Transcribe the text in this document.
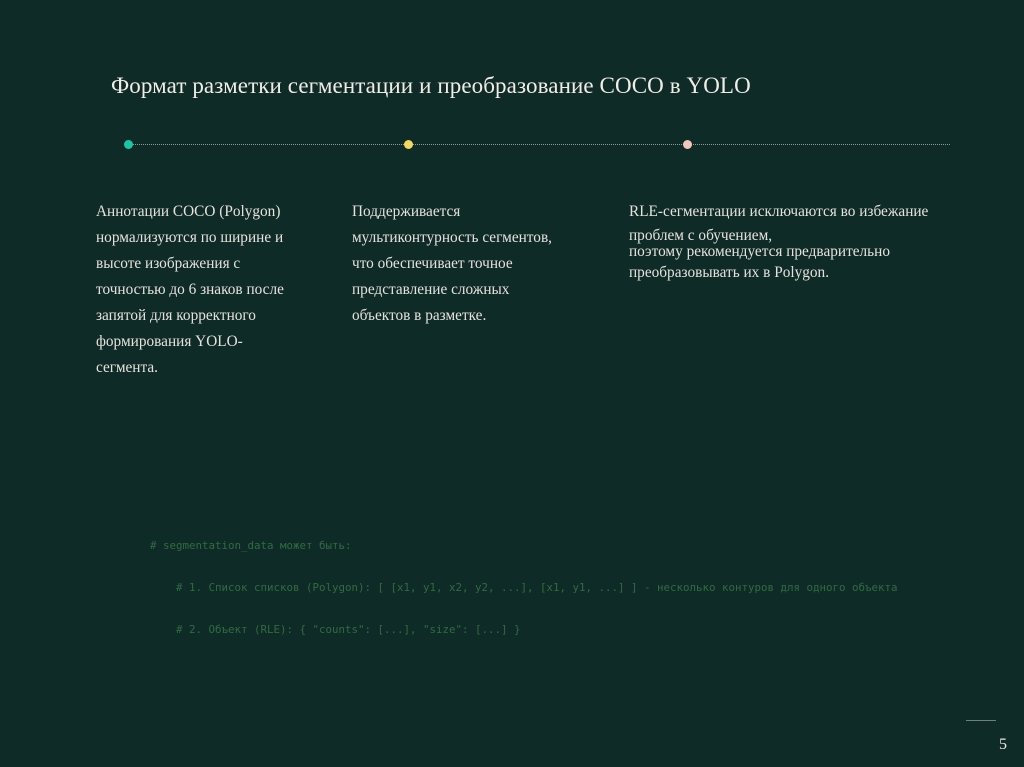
Формат разметки сегментации и преобразование COCO в YOLO
Аннотации COCO (Polygon) нормализуются по ширине и высоте изображения с точностью до 6 знаков после запятой для корректного формирования YOLO-сегмента.
Поддерживается мультиконтурность сегментов, что обеспечивает точное представление сложных объектов в разметке.
RLE-сегментации исключаются во избежание
проблем с обучением,
поэтому рекомендуется предварительно
преобразовывать их в Polygon.

# segmentation_data может быть:

# 1. Список списков (Polygon): [ [x1, y1, x2, y2, ...], [x1, y1, ...] ] - несколько контуров для одного объекта

# 2. Объект (RLE): { "counts": [...], "size": [...] }

5
